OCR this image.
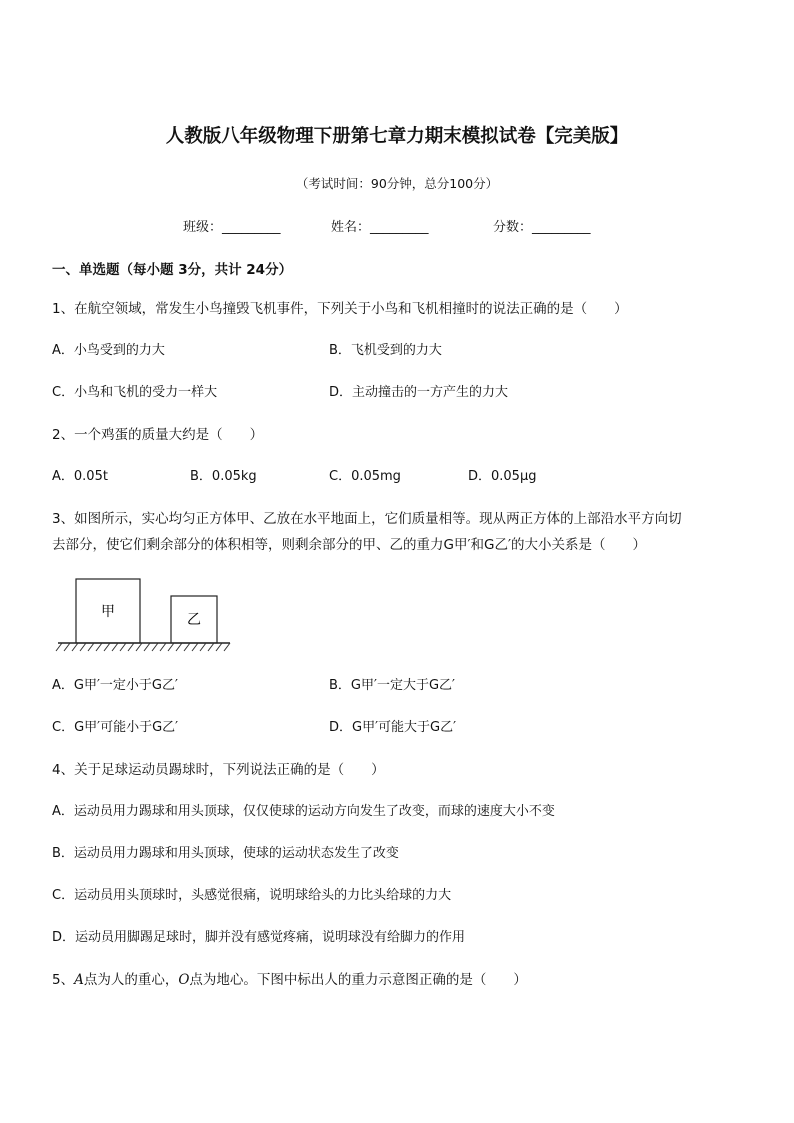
人教版八年级物理下册第七章力期末模拟试卷【完美版】
（考试时间：90分钟，总分100分）
班级：_________	姓名：_________	分数：_________
一、单选题（每小题 3分，共计 24分）
1、在航空领域，常发生小鸟撞毁飞机事件，下列关于小鸟和飞机相撞时的说法正确的是（　　）
A．小鸟受到的力大	B．飞机受到的力大
C．小鸟和飞机的受力一样大	D．主动撞击的一方产生的力大
2、一个鸡蛋的质量大约是（　　）
A．0.05t	B．0.05kg	C．0.05mg	D．0.05μg
3、如图所示，实心均匀正方体甲、乙放在水平地面上，它们质量相等。现从两正方体的上部沿水平方向切
去部分，使它们剩余部分的体积相等，则剩余部分的甲、乙的重力G甲′和G乙′的大小关系是（　　）
甲	乙
A．G甲′一定小于G乙′	B．G甲′一定大于G乙′
C．G甲′可能小于G乙′	D．G甲′可能大于G乙′
4、关于足球运动员踢球时，下列说法正确的是（　　）
A．运动员用力踢球和用头顶球，仅仅使球的运动方向发生了改变，而球的速度大小不变
B．运动员用力踢球和用头顶球，使球的运动状态发生了改变
C．运动员用头顶球时，头感觉很痛，说明球给头的力比头给球的力大
D．运动员用脚踢足球时，脚并没有感觉疼痛，说明球没有给脚力的作用
5、A点为人的重心，O点为地心。下图中标出人的重力示意图正确的是（　　）
